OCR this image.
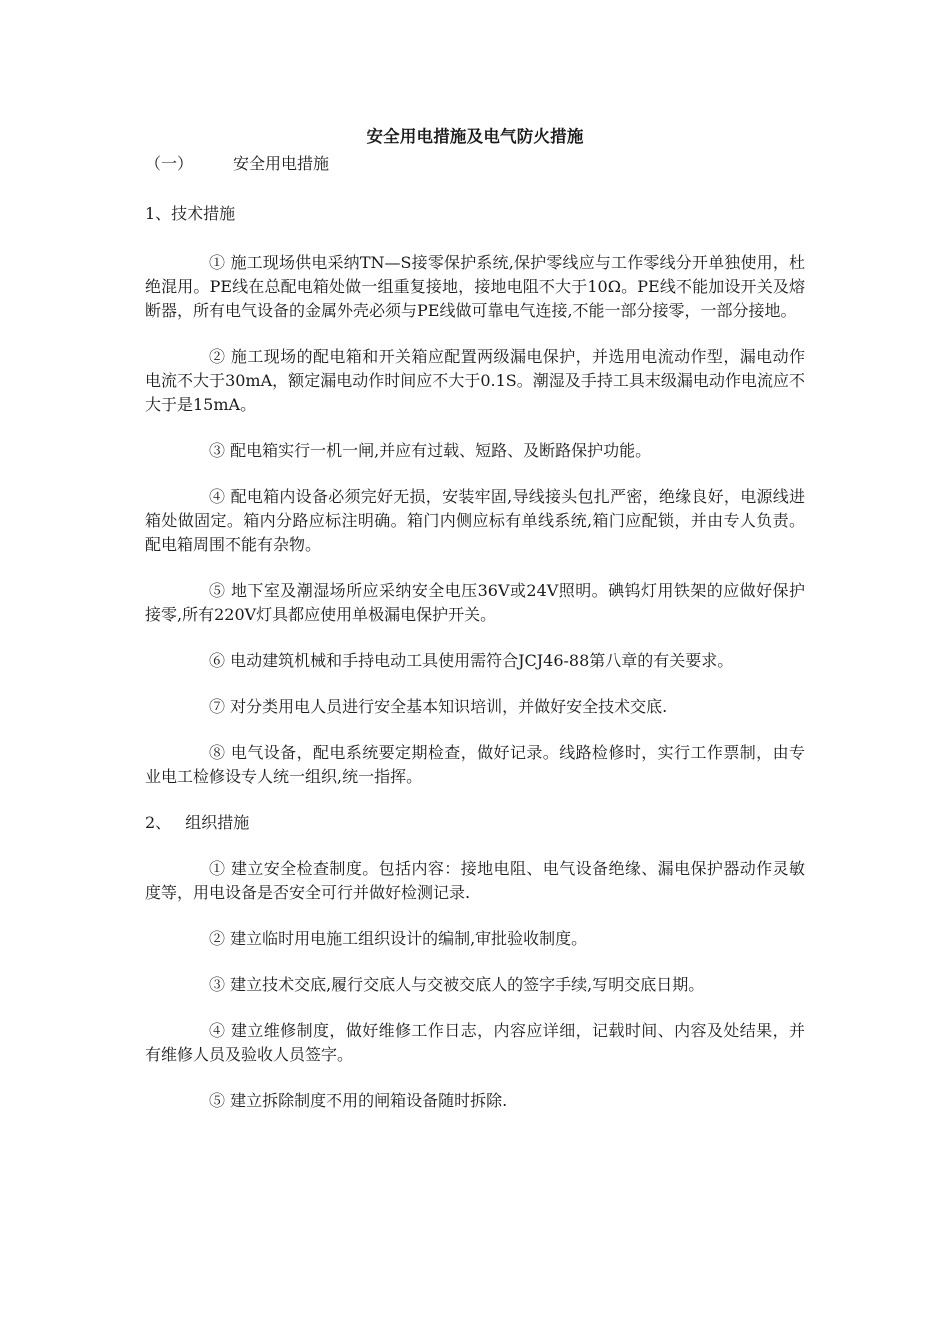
安全用电措施及电气防火措施
（一） 安全用电措施
1、技术措施

① 施工现场供电采纳TN—S接零保护系统,保护零线应与工作零线分开单独使用，杜绝混用。PE线在总配电箱处做一组重复接地，接地电阻不大于10Ω。PE线不能加设开关及熔断器，所有电气设备的金属外壳必须与PE线做可靠电气连接,不能一部分接零，一部分接地。

② 施工现场的配电箱和开关箱应配置两级漏电保护，并选用电流动作型，漏电动作电流不大于30mA，额定漏电动作时间应不大于0.1S。潮湿及手持工具末级漏电动作电流应不大于是15mA。

③ 配电箱实行一机一闸,并应有过载、短路、及断路保护功能。

④ 配电箱内设备必须完好无损，安装牢固,导线接头包扎严密，绝缘良好，电源线进箱处做固定。箱内分路应标注明确。箱门内侧应标有单线系统,箱门应配锁，并由专人负责。配电箱周围不能有杂物。

⑤ 地下室及潮湿场所应采纳安全电压36V或24V照明。碘钨灯用铁架的应做好保护接零,所有220V灯具都应使用单极漏电保护开关。

⑥ 电动建筑机械和手持电动工具使用需符合JCJ46-88第八章的有关要求。

⑦ 对分类用电人员进行安全基本知识培训，并做好安全技术交底.

⑧ 电气设备，配电系统要定期检查，做好记录。线路检修时，实行工作票制，由专业电工检修设专人统一组织,统一指挥。

2、 组织措施

① 建立安全检查制度。包括内容：接地电阻、电气设备绝缘、漏电保护器动作灵敏度等，用电设备是否安全可行并做好检测记录.

② 建立临时用电施工组织设计的编制,审批验收制度。

③ 建立技术交底,履行交底人与交被交底人的签字手续,写明交底日期。

④ 建立维修制度，做好维修工作日志，内容应详细，记载时间、内容及处结果，并有维修人员及验收人员签字。

⑤ 建立拆除制度不用的闸箱设备随时拆除.
